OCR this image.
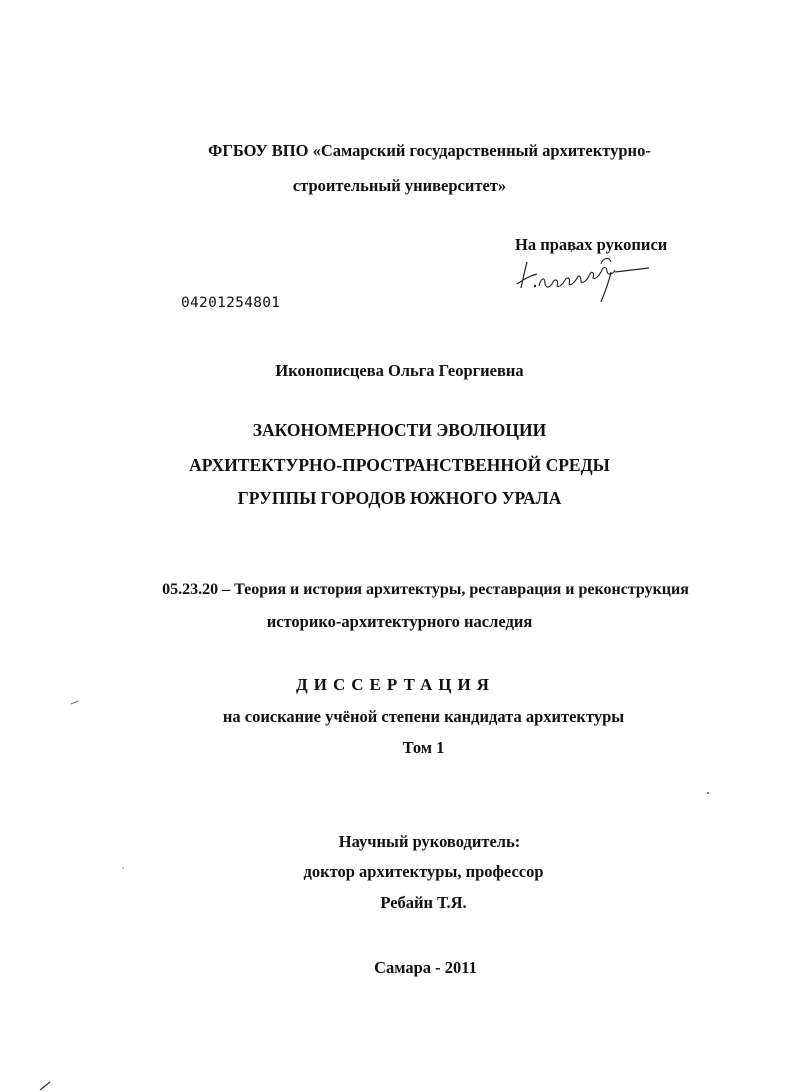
ФГБОУ ВПО «Самарский государственный архитектурно-
строительный университет»
На правах рукописи
04201254801
Иконописцева Ольга Георгиевна
ЗАКОНОМЕРНОСТИ ЭВОЛЮЦИИ
АРХИТЕКТУРНО-ПРОСТРАНСТВЕННОЙ СРЕДЫ
ГРУППЫ ГОРОДОВ ЮЖНОГО УРАЛА
05.23.20 – Теория и история архитектуры, реставрация и реконструкция
историко-архитектурного наследия
ДИССЕРТАЦИЯ
на соискание учёной степени кандидата архитектуры
Том 1
Научный руководитель:
доктор архитектуры, профессор
Ребайн Т.Я.
Самара - 2011
